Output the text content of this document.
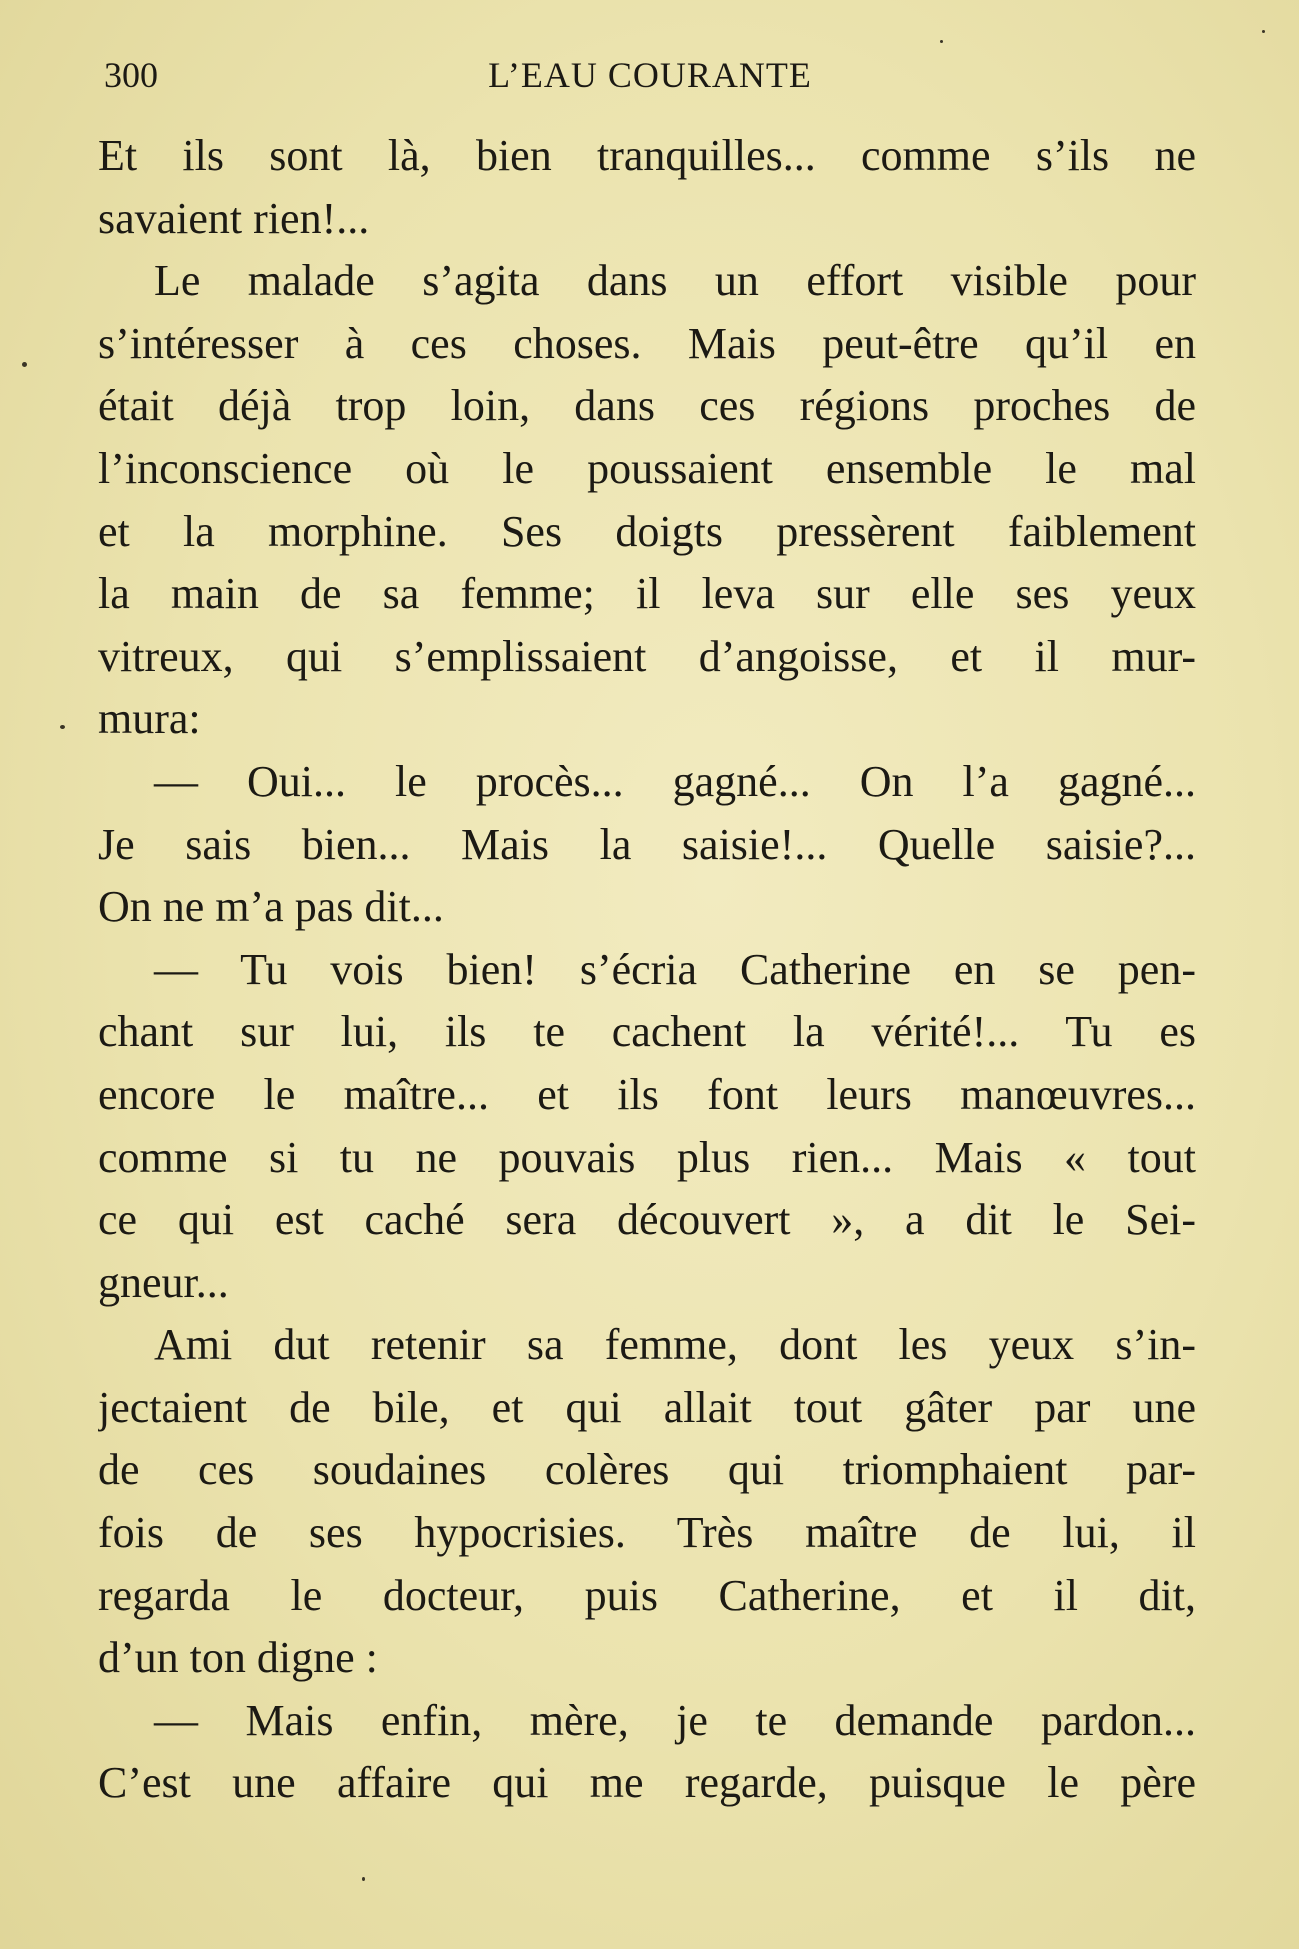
300	L’EAU COURANTE
Et ils sont là, bien tranquilles... comme s’ils ne
savaient rien!...
Le malade s’agita dans un effort visible pour
s’intéresser à ces choses. Mais peut-être qu’il en
était déjà trop loin, dans ces régions proches de
l’inconscience où le poussaient ensemble le mal
et la morphine. Ses doigts pressèrent faiblement
la main de sa femme; il leva sur elle ses yeux
vitreux, qui s’emplissaient d’angoisse, et il mur-
mura:
— Oui... le procès... gagné... On l’a gagné...
Je sais bien... Mais la saisie!... Quelle saisie?...
On ne m’a pas dit...
— Tu vois bien! s’écria Catherine en se pen-
chant sur lui, ils te cachent la vérité!... Tu es
encore le maître... et ils font leurs manœuvres...
comme si tu ne pouvais plus rien... Mais « tout
ce qui est caché sera découvert », a dit le Sei-
gneur...
Ami dut retenir sa femme, dont les yeux s’in-
jectaient de bile, et qui allait tout gâter par une
de ces soudaines colères qui triomphaient par-
fois de ses hypocrisies. Très maître de lui, il
regarda le docteur, puis Catherine, et il dit,
d’un ton digne :
— Mais enfin, mère, je te demande pardon...
C’est une affaire qui me regarde, puisque le père
